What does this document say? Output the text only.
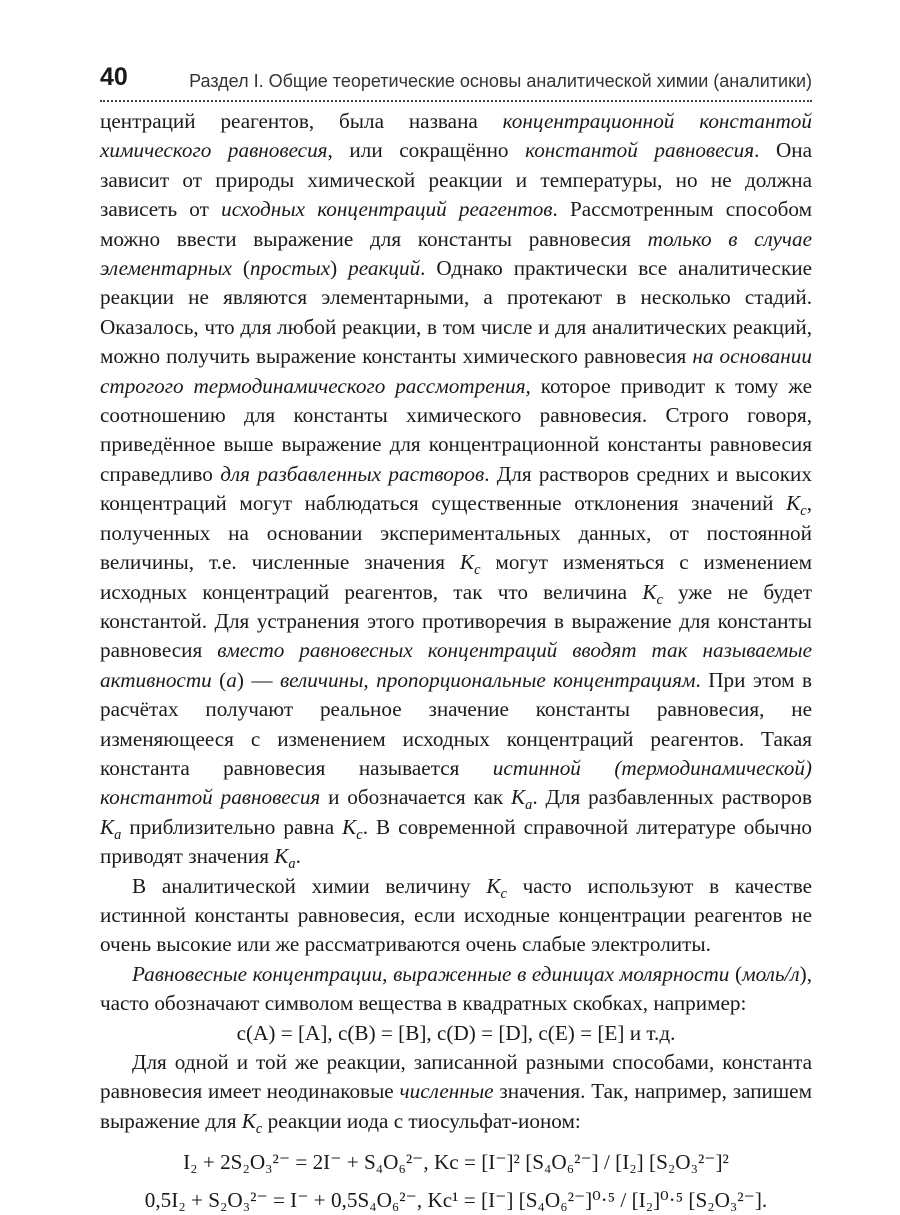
40	Раздел I. Общие теоретические основы аналитической химии (аналитики)

центраций реагентов, была названа концентрационной константой химического равновесия, или сокращённо константой равновесия. Она зависит от природы химической реакции и температуры, но не должна зависеть от исходных концентраций реагентов. Рассмотренным способом можно ввести выражение для константы равновесия только в случае элементарных (простых) реакций. Однако практически все аналитические реакции не являются элементарными, а протекают в несколько стадий. Оказалось, что для любой реакции, в том числе и для аналитических реакций, можно получить выражение константы химического равновесия на основании строгого термодинамического рассмотрения, которое приводит к тому же соотношению для константы химического равновесия. Строго говоря, приведённое выше выражение для концентрационной константы равновесия справедливо для разбавленных растворов. Для растворов средних и высоких концентраций могут наблюдаться существенные отклонения значений $K_c$, полученных на основании экспериментальных данных, от постоянной величины, т.е. численные значения $K_c$ могут изменяться с изменением исходных концентраций реагентов, так что величина $K_c$ уже не будет константой. Для устранения этого противоречия в выражение для константы равновесия вместо равновесных концентраций вводят так называемые активности (a) — величины, пропорциональные концентрациям. При этом в расчётах получают реальное значение константы равновесия, не изменяющееся с изменением исходных концентраций реагентов. Такая константа равновесия называется истинной (термодинамической) константой равновесия и обозначается как $K_a$. Для разбавленных растворов $K_a$ приблизительно равна $K_c$. В современной справочной литературе обычно приводят значения $K_a$.

В аналитической химии величину $K_c$ часто используют в качестве истинной константы равновесия, если исходные концентрации реагентов не очень высокие или же рассматриваются очень слабые электролиты.

Равновесные концентрации, выраженные в единицах молярности (моль/л), часто обозначают символом вещества в квадратных скобках, например:

c(A) = [A], c(B) = [B], c(D) = [D], c(E) = [E] и т.д.

Для одной и той же реакции, записанной разными способами, константа равновесия имеет неодинаковые численные значения. Так, например, запишем выражение для $K_c$ реакции иода с тиосульфат-ионом:

I₂ + 2S₂O₃²⁻ = 2I⁻ + S₄O₆²⁻, Kc = [I⁻]² [S₄O₆²⁻] / [I₂] [S₂O₃²⁻]²

0,5I₂ + S₂O₃²⁻ = I⁻ + 0,5S₄O₆²⁻, Kc¹ = [I⁻] [S₄O₆²⁻]⁰·⁵ / [I₂]⁰·⁵ [S₂O₃²⁻].
